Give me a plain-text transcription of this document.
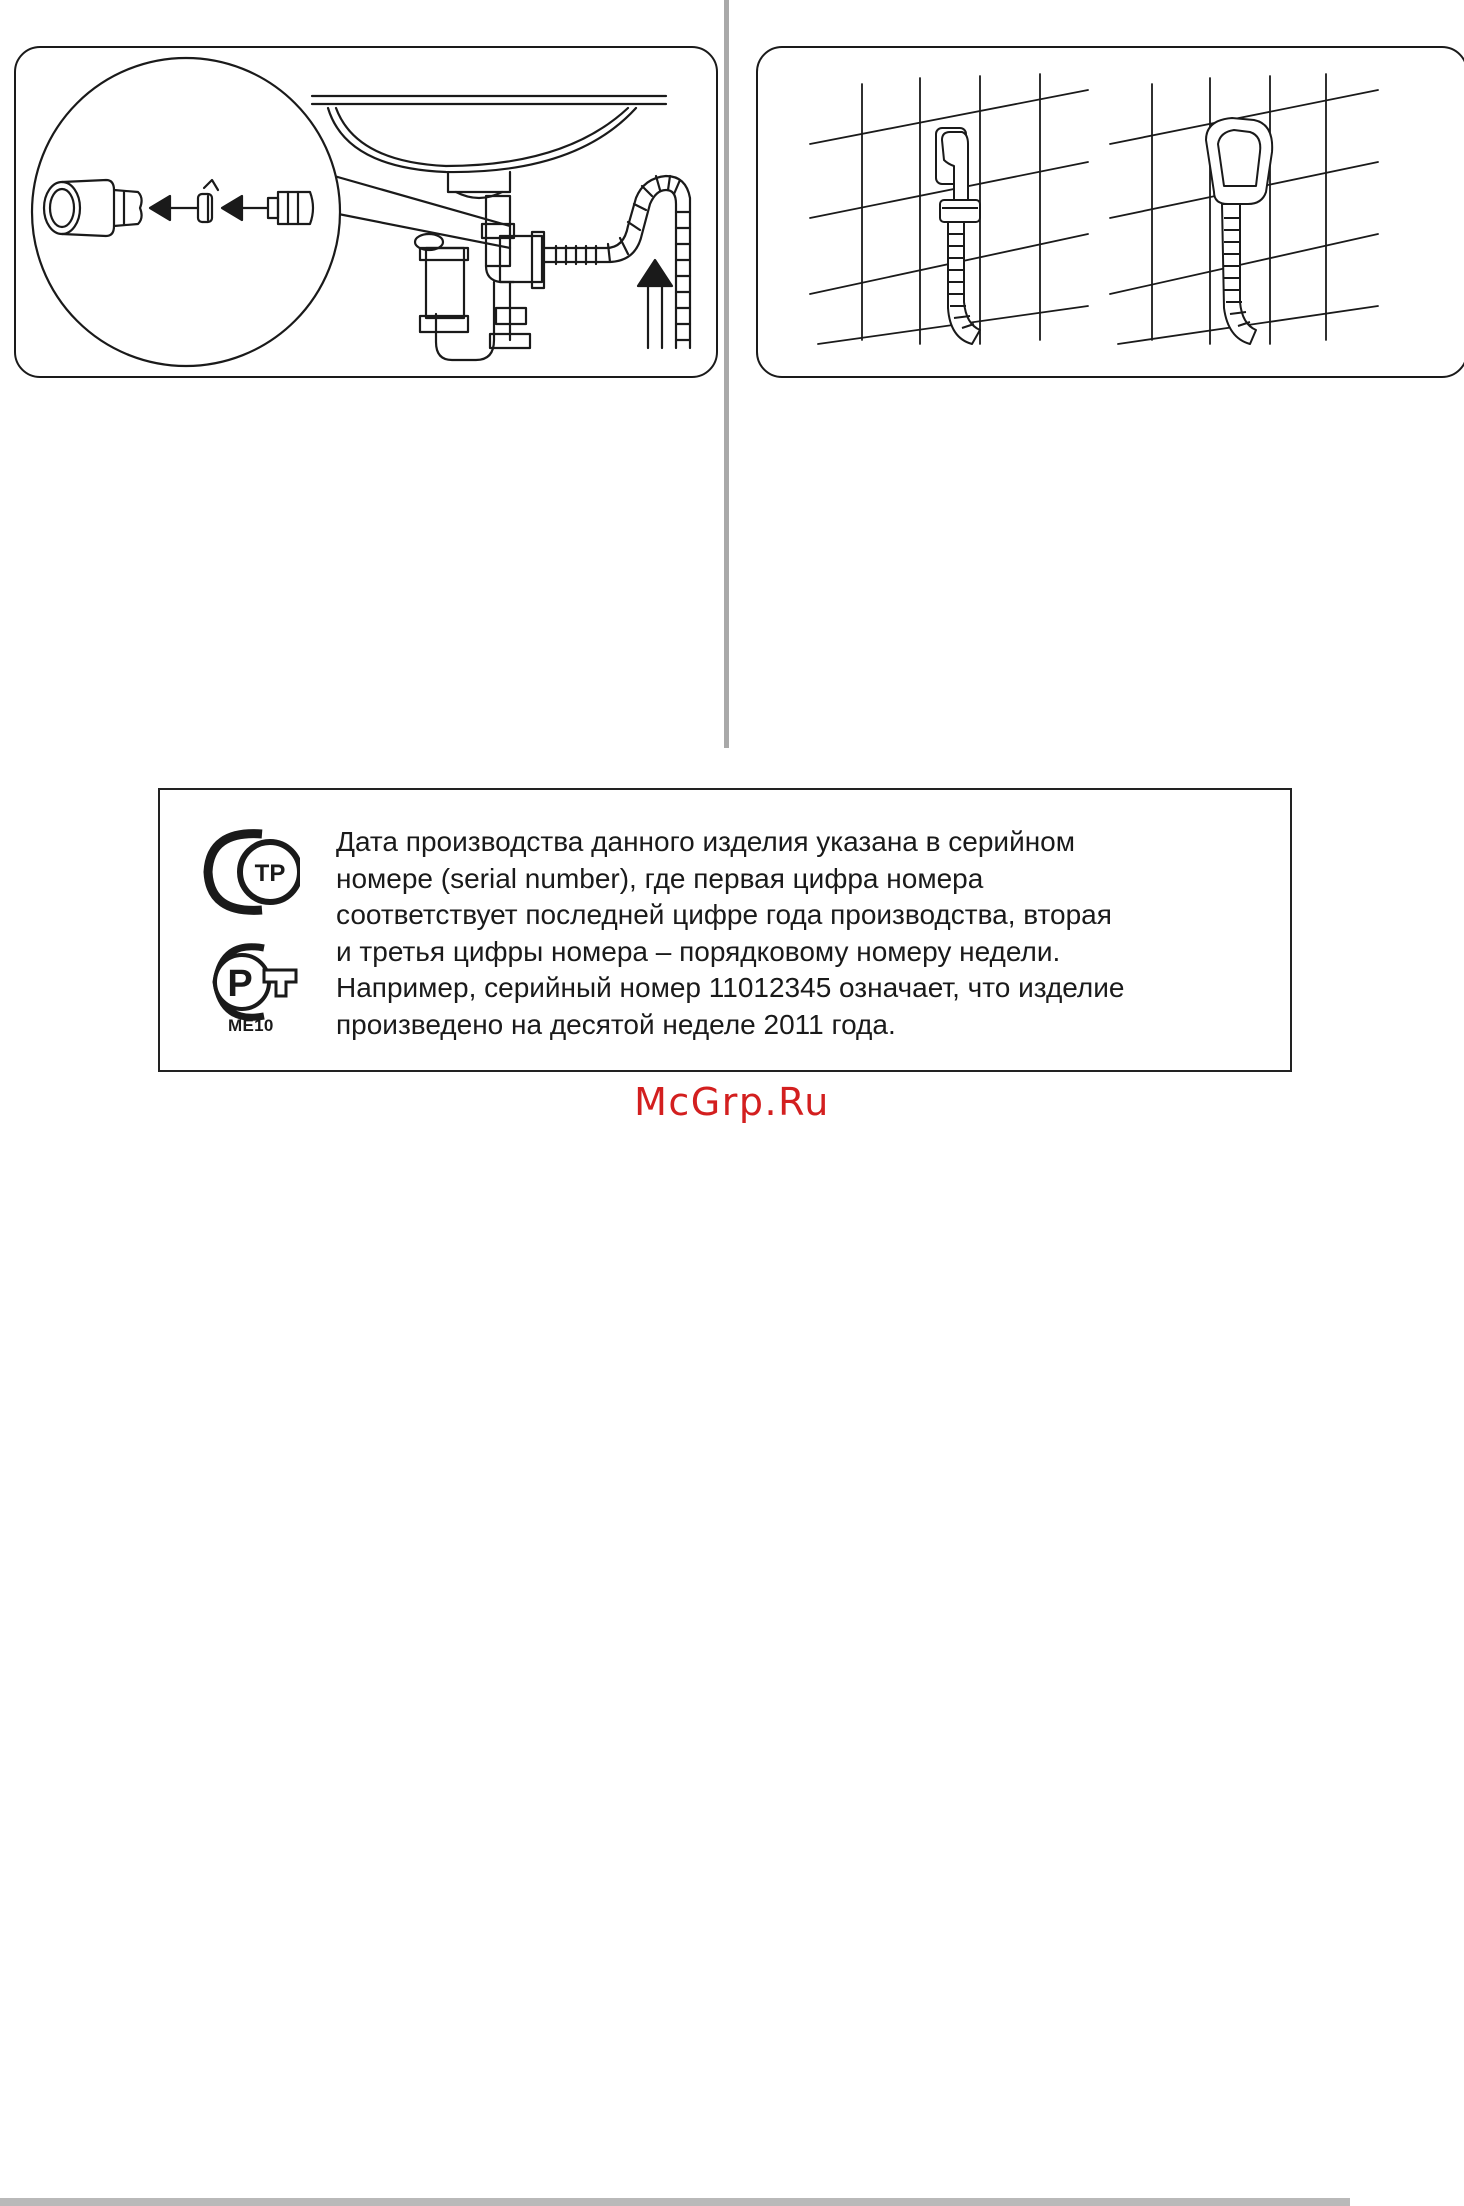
ТР
Р
ME10
Дата производства данного изделия указана в серийном
номере (serial number), где первая цифра номера
соответствует последней цифре года производства, вторая
и третья цифры номера – порядковому номеру недели.
Например, серийный номер 11012345 означает, что изделие
произведено на десятой неделе 2011 года.
McGrp.Ru
